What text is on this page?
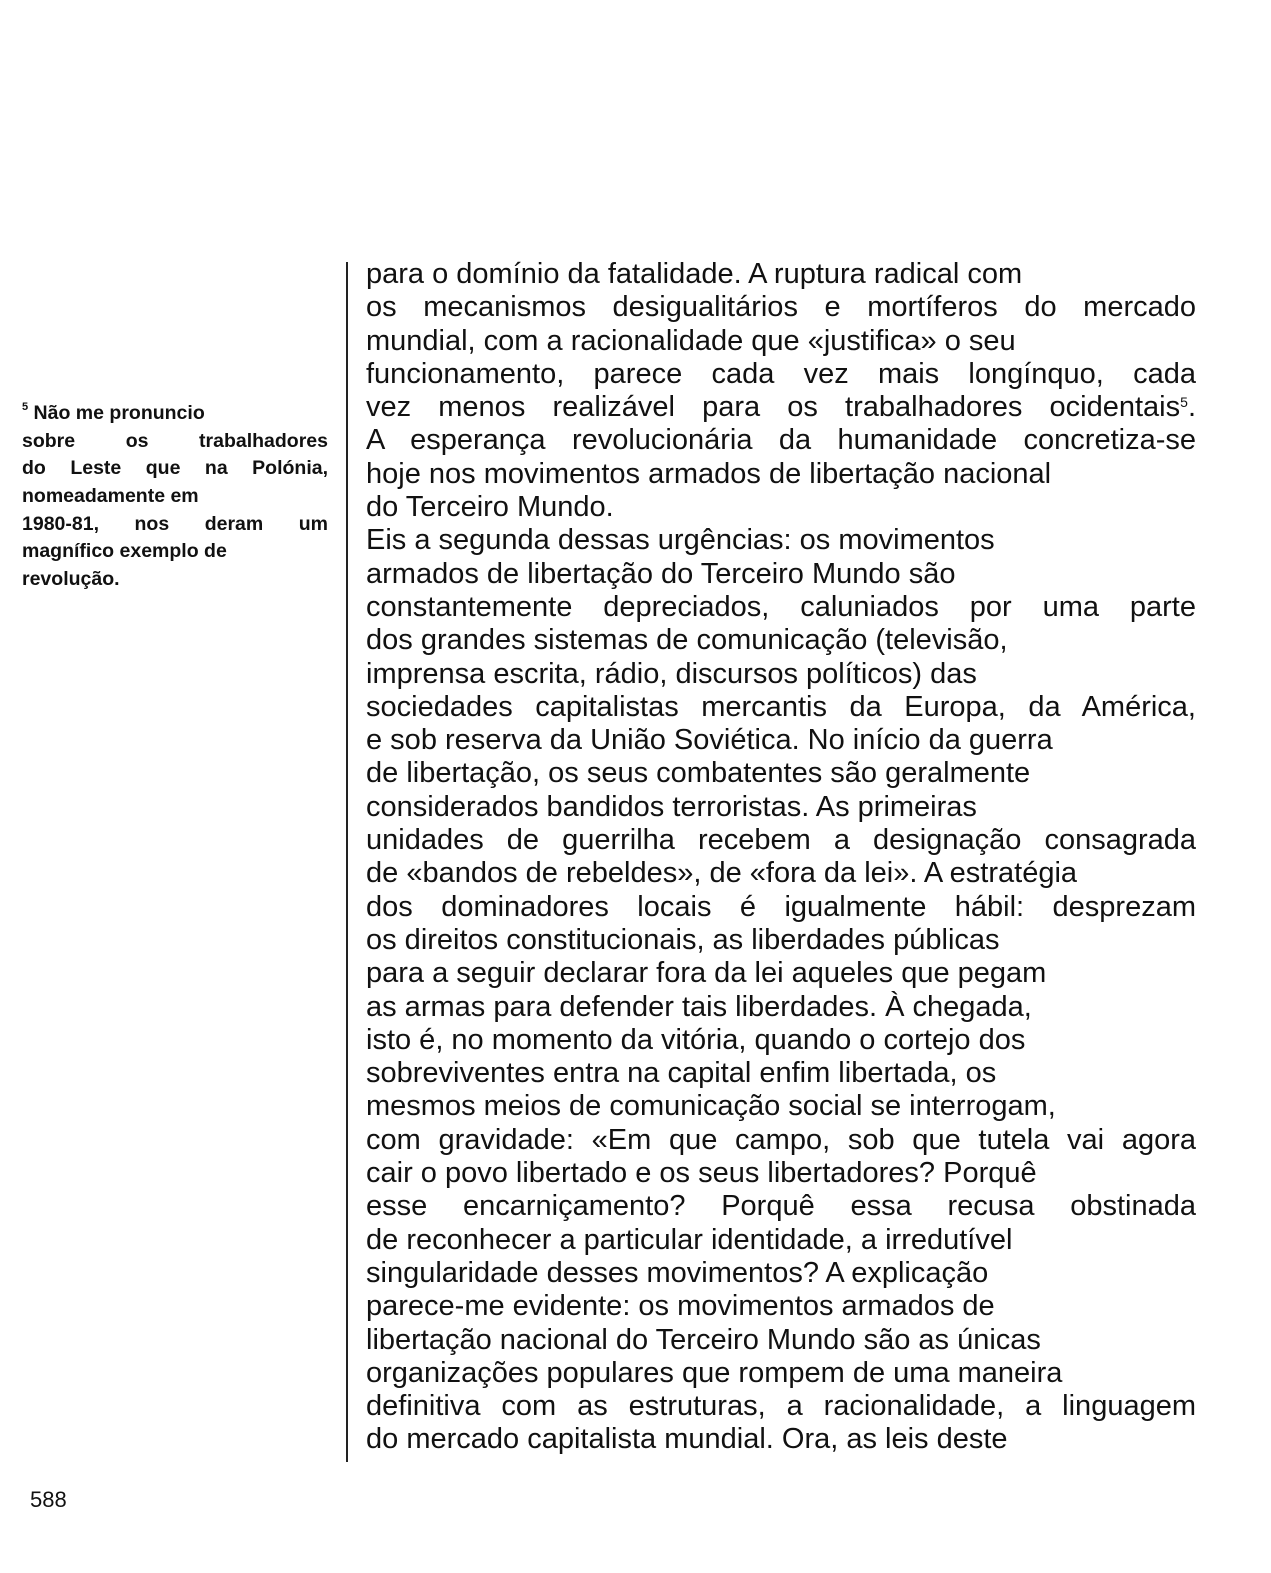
$^5$ Não me pronuncio
sobre os trabalhadores
do Leste que na Polónia,
nomeadamente em
1980-81, nos deram um
magnífico exemplo de
revolução.
para o domínio da fatalidade. A ruptura radical com
os mecanismos desigualitários e mortíferos do mercado
mundial, com a racionalidade que «justifica» o seu
funcionamento, parece cada vez mais longínquo, cada
vez menos realizável para os trabalhadores ocidentais$^5$.
A esperança revolucionária da humanidade concretiza-se
hoje nos movimentos armados de libertação nacional
do Terceiro Mundo.
Eis a segunda dessas urgências: os movimentos
armados de libertação do Terceiro Mundo são
constantemente depreciados, caluniados por uma parte
dos grandes sistemas de comunicação (televisão,
imprensa escrita, rádio, discursos políticos) das
sociedades capitalistas mercantis da Europa, da América,
e sob reserva da União Soviética. No início da guerra
de libertação, os seus combatentes são geralmente
considerados bandidos terroristas. As primeiras
unidades de guerrilha recebem a designação consagrada
de «bandos de rebeldes», de «fora da lei». A estratégia
dos dominadores locais é igualmente hábil: desprezam
os direitos constitucionais, as liberdades públicas
para a seguir declarar fora da lei aqueles que pegam
as armas para defender tais liberdades. À chegada,
isto é, no momento da vitória, quando o cortejo dos
sobreviventes entra na capital enfim libertada, os
mesmos meios de comunicação social se interrogam,
com gravidade: «Em que campo, sob que tutela vai agora
cair o povo libertado e os seus libertadores? Porquê
esse encarniçamento? Porquê essa recusa obstinada
de reconhecer a particular identidade, a irredutível
singularidade desses movimentos? A explicação
parece-me evidente: os movimentos armados de
libertação nacional do Terceiro Mundo são as únicas
organizações populares que rompem de uma maneira
definitiva com as estruturas, a racionalidade, a linguagem
do mercado capitalista mundial. Ora, as leis deste
588
